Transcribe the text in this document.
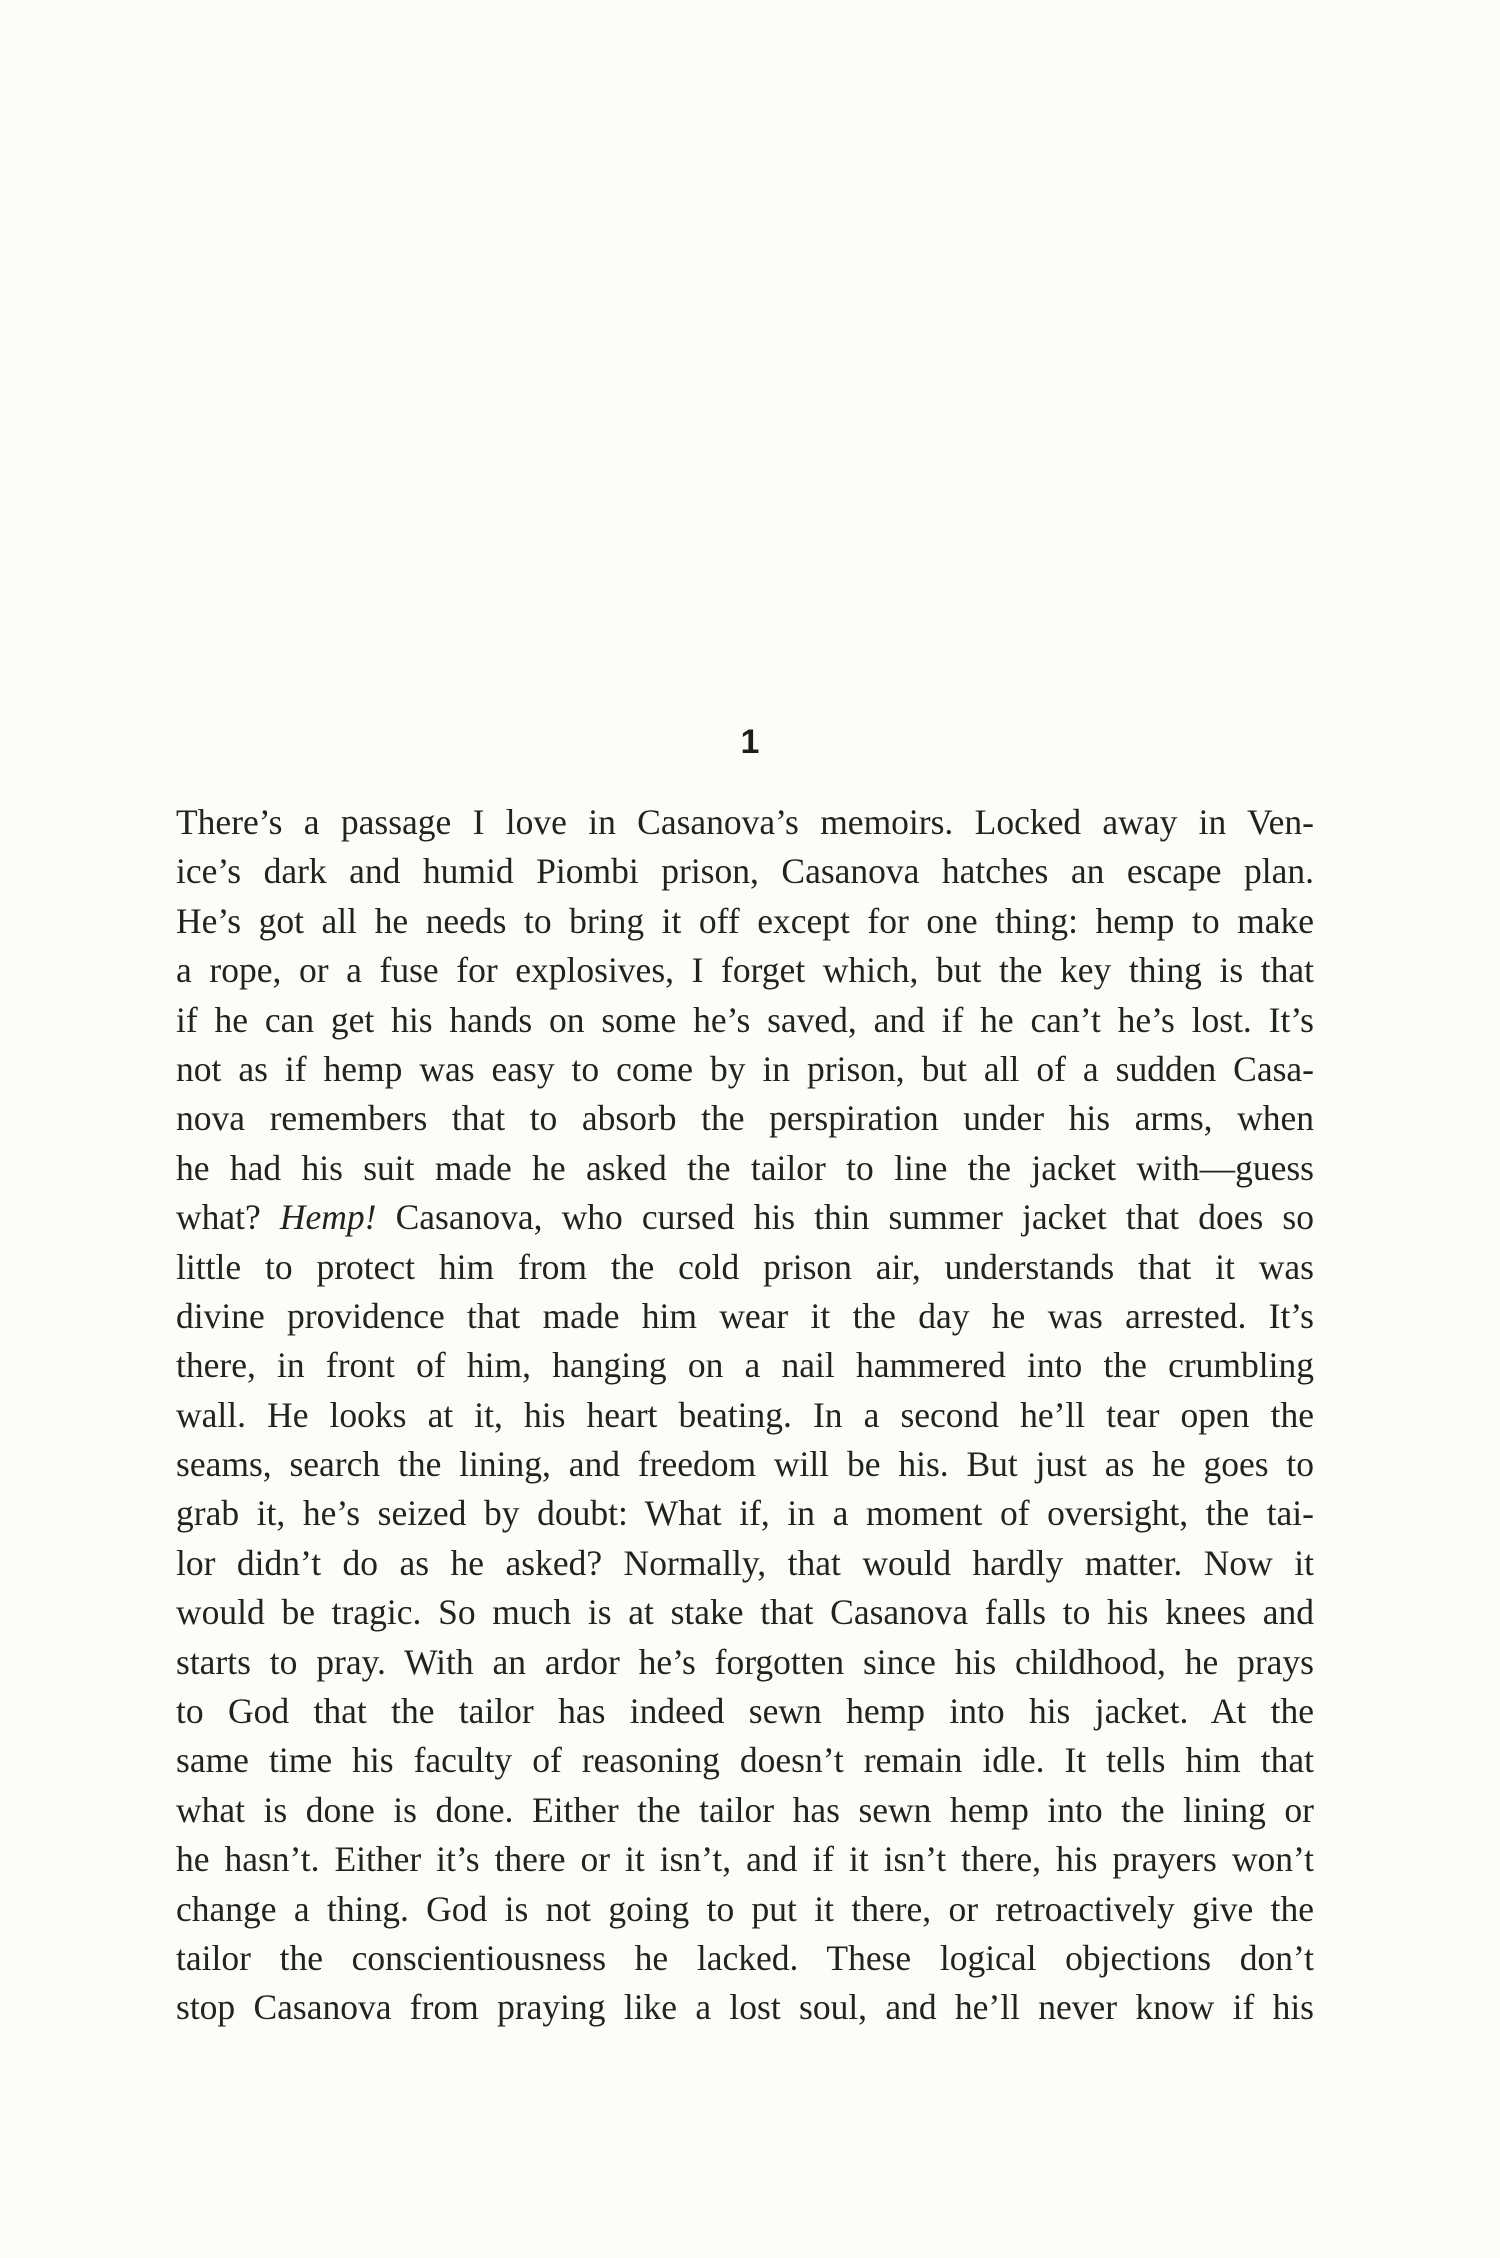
1
There’s a passage I love in Casanova’s memoirs. Locked away in Ven-
ice’s dark and humid Piombi prison, Casanova hatches an escape plan.
He’s got all he needs to bring it off except for one thing: hemp to make
a rope, or a fuse for explosives, I forget which, but the key thing is that
if he can get his hands on some he’s saved, and if he can’t he’s lost. It’s
not as if hemp was easy to come by in prison, but all of a sudden Casa-
nova remembers that to absorb the perspiration under his arms, when
he had his suit made he asked the tailor to line the jacket with—guess
what? Hemp! Casanova, who cursed his thin summer jacket that does so
little to protect him from the cold prison air, understands that it was
divine providence that made him wear it the day he was arrested. It’s
there, in front of him, hanging on a nail hammered into the crumbling
wall. He looks at it, his heart beating. In a second he’ll tear open the
seams, search the lining, and freedom will be his. But just as he goes to
grab it, he’s seized by doubt: What if, in a moment of oversight, the tai-
lor didn’t do as he asked? Normally, that would hardly matter. Now it
would be tragic. So much is at stake that Casanova falls to his knees and
starts to pray. With an ardor he’s forgotten since his childhood, he prays
to God that the tailor has indeed sewn hemp into his jacket. At the
same time his faculty of reasoning doesn’t remain idle. It tells him that
what is done is done. Either the tailor has sewn hemp into the lining or
he hasn’t. Either it’s there or it isn’t, and if it isn’t there, his prayers won’t
change a thing. God is not going to put it there, or retroactively give the
tailor the conscientiousness he lacked. These logical objections don’t
stop Casanova from praying like a lost soul, and he’ll never know if his
